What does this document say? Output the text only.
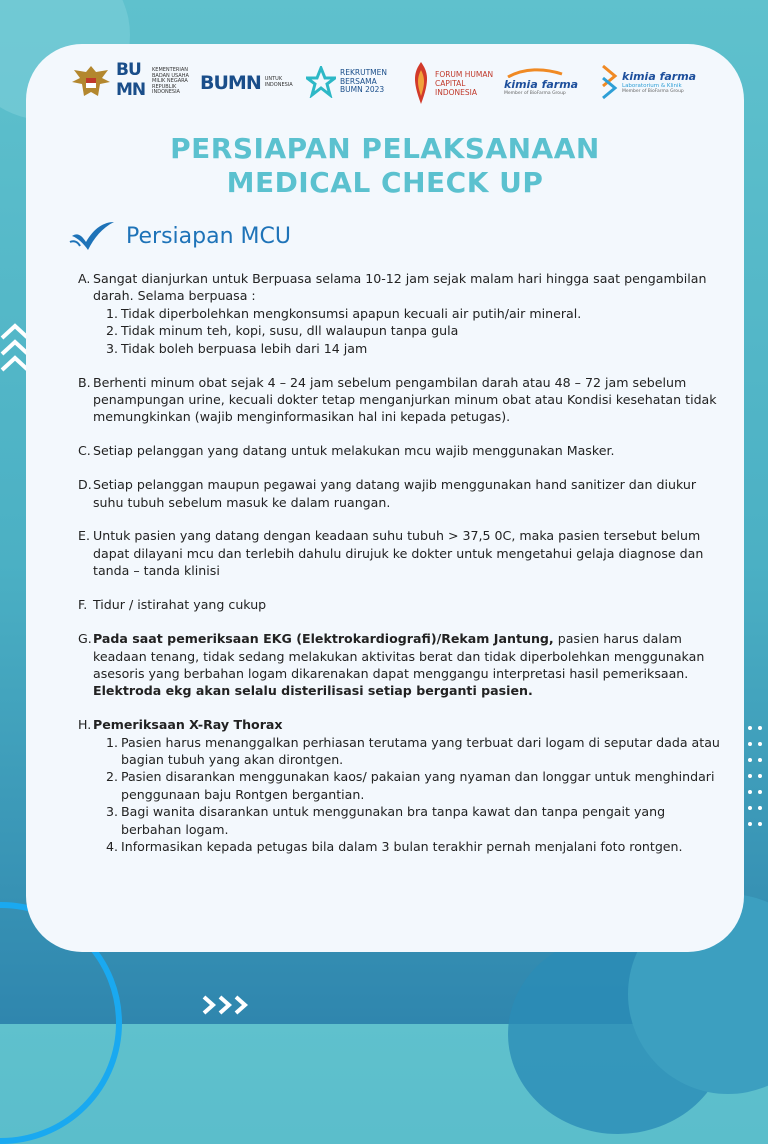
BUMN
KEMENTERIAN BADAN USAHA MILIK NEGARA REPUBLIK INDONESIA	BUMN UNTUK INDONESIA
REKRUTMEN BERSAMA
BUMN 2023
FORUM HUMAN CAPITAL INDONESIA
kimia farma
Member of BioFarma Group
kimia farma
Laboratorium & Klinik
Member of BioFarma Group
PERSIAPAN PELAKSANAAN
MEDICAL CHECK UP
Persiapan MCU
A. Sangat dianjurkan untuk Berpuasa selama 10-12 jam sejak malam hari hingga saat pengambilan darah. Selama berpuasa :
1. Tidak diperbolehkan mengkonsumsi apapun kecuali air putih/air mineral.
2. Tidak minum teh, kopi, susu, dll walaupun tanpa gula
3. Tidak boleh berpuasa lebih dari 14 jam
B. Berhenti minum obat sejak 4 – 24 jam sebelum pengambilan darah atau 48 – 72 jam sebelum penampungan urine, kecuali dokter tetap menganjurkan minum obat atau Kondisi kesehatan tidak memungkinkan (wajib menginformasikan hal ini kepada petugas).
C. Setiap pelanggan yang datang untuk melakukan mcu wajib menggunakan Masker.
D. Setiap pelanggan maupun pegawai yang datang wajib menggunakan hand sanitizer dan diukur suhu tubuh sebelum masuk ke dalam ruangan.
E. Untuk pasien yang datang dengan keadaan suhu tubuh > 37,5 0C, maka pasien tersebut belum dapat dilayani mcu dan terlebih dahulu dirujuk ke dokter untuk mengetahui gelaja diagnose dan tanda – tanda klinisi
F. Tidur / istirahat yang cukup
G. Pada saat pemeriksaan EKG (Elektrokardiografi)/Rekam Jantung, pasien harus dalam keadaan tenang, tidak sedang melakukan aktivitas berat dan tidak diperbolehkan menggunakan asesoris yang berbahan logam dikarenakan dapat menggangu interpretasi hasil pemeriksaan.
Elektroda ekg akan selalu disterilisasi setiap berganti pasien.
H. Pemeriksaan X-Ray Thorax
1. Pasien harus menanggalkan perhiasan terutama yang terbuat dari logam di seputar dada atau bagian tubuh yang akan dirontgen.
2. Pasien disarankan menggunakan kaos/ pakaian yang nyaman dan longgar untuk menghindari penggunaan baju Rontgen bergantian.
3. Bagi wanita disarankan untuk menggunakan bra tanpa kawat dan tanpa pengait yang berbahan logam.
4. Informasikan kepada petugas bila dalam 3 bulan terakhir pernah menjalani foto rontgen.
